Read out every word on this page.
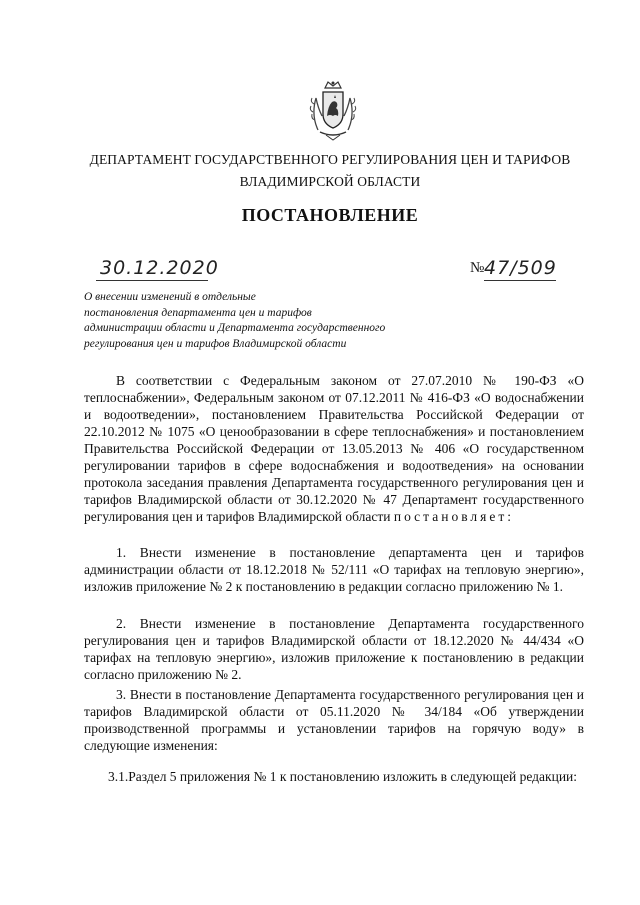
ДЕПАРТАМЕНТ ГОСУДАРСТВЕННОГО РЕГУЛИРОВАНИЯ ЦЕН И ТАРИФОВ
ВЛАДИМИРСКОЙ ОБЛАСТИ
ПОСТАНОВЛЕНИЕ
30.12.2020	№ 47/509
О внесении изменений в отдельные
постановления департамента цен и тарифов
администрации области и Департамента государственного
регулирования цен и тарифов Владимирской области
В соответствии с Федеральным законом от 27.07.2010 № 190-ФЗ «О теплоснабжении», Федеральным законом от 07.12.2011 № 416-ФЗ «О водоснабжении и водоотведении», постановлением Правительства Российской Федерации от 22.10.2012 № 1075 «О ценообразовании в сфере теплоснабжения» и постановлением Правительства Российской Федерации от 13.05.2013 № 406 «О государственном регулировании тарифов в сфере водоснабжения и водоотведения» на основании протокола заседания правления Департамента государственного регулирования цен и тарифов Владимирской области от 30.12.2020 № 47 Департамент государственного регулирования цен и тарифов Владимирской области постановляет:
1. Внести изменение в постановление департамента цен и тарифов администрации области от 18.12.2018 № 52/111 «О тарифах на тепловую энергию», изложив приложение № 2 к постановлению в редакции согласно приложению № 1.
2. Внести изменение в постановление Департамента государственного регулирования цен и тарифов Владимирской области от 18.12.2020 № 44/434 «О тарифах на тепловую энергию», изложив приложение к постановлению в редакции согласно приложению № 2.
3. Внести в постановление Департамента государственного регулирования цен и тарифов Владимирской области от 05.11.2020 № 34/184 «Об утверждении производственной программы и установлении тарифов на горячую воду» в следующие изменения:
3.1.Раздел 5 приложения № 1 к постановлению изложить в следующей редакции:
